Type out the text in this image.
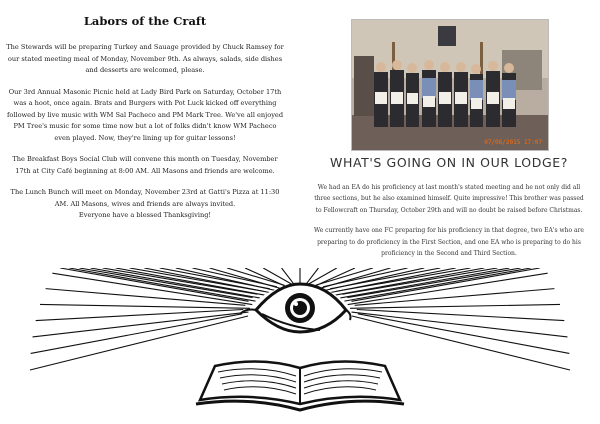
Labors of the Craft
The Stewards will be preparing Turkey and Sauage provided by Chuck Ramsey for our stated meeting meal of Monday, November 9th. As always, salads, side dishes and desserts are welcomed, please.
Our 3rd Annual Masonic Picnic held at Lady Bird Park on Saturday, October 17th was a hoot, once again. Brats and Burgers with Pot Luck kicked off everything followed by live music with WM Sal Pacheco and PM Mark Tree. We've all enjoyed PM Tree's music for some time now but a lot of folks didn't know WM Pacheco even played. Now, they're lining up for guitar lessons!
The Breakfast Boys Social Club will convene this month on Tuesday, November 17th at City Café beginning at 8:00 AM. All Masons and friends are welcome.
The Lunch Bunch will meet on Monday, November 23rd at Gatti's Pizza at 11:30 AM. All Masons, wives and friends are always invited.
Everyone have a blessed Thanksgiving!
07/06/2015 17:07
WHAT'S GOING ON IN OUR LODGE?
We had an EA do his proficiency at last month's stated meeting and he not only did all three sections, but he also examined himself. Quite impressive! This brother was passed to Fellowcraft on Thursday, October 29th and will no doubt be raised before Christmas.
We currently have one FC preparing for his proficiency in that degree, two EA's who are preparing to do proficiency in the First Section, and one EA who is preparing to do his proficiency in the Second and Third Section.
